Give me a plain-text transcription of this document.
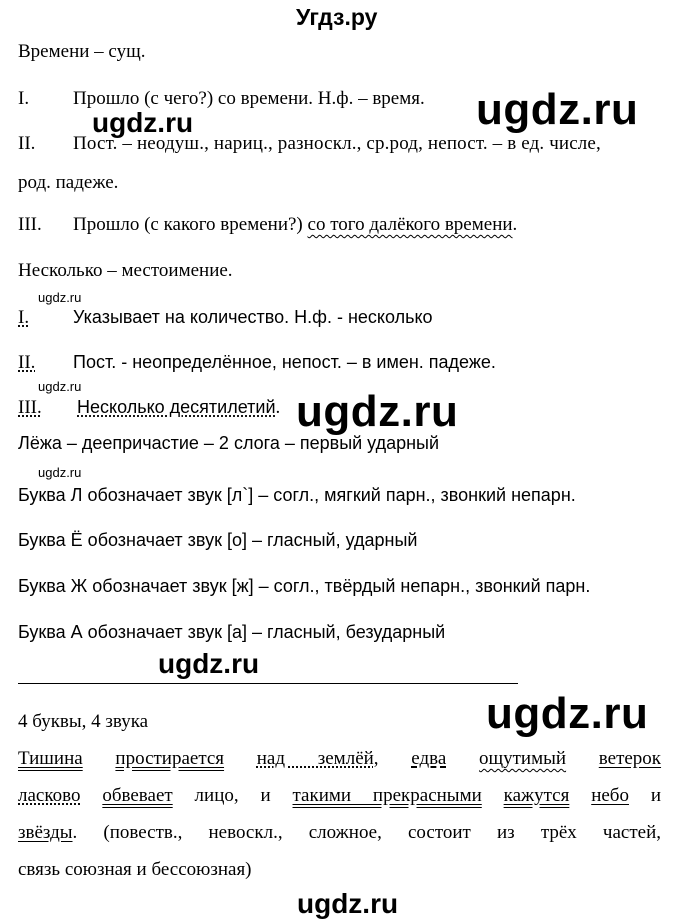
Угдз.ру
Времени – сущ.
I. Прошло (с чего?) со времени. Н.ф. – время.
II. Пост. – неодуш., нариц., разноскл., ср.род, непост. – в ед. числе,
род. падеже.
III. Прошло (с какого времени?) со того далёкого времени.
Несколько – местоимение.
I. Указывает на количество. Н.ф. - несколько
II. Пост. - неопределённое, непост. – в имен. падеже.
III. Несколько десятилетий.
Лёжа – деепричастие – 2 слога – первый ударный
Буква Л обозначает звук [л`] – согл., мягкий парн., звонкий непарн.
Буква Ё обозначает звук [о] – гласный, ударный
Буква Ж обозначает звук [ж] – согл., твёрдый непарн., звонкий парн.
Буква А обозначает звук [а] – гласный, безударный
4 буквы, 4 звука
Тишина простирается над землёй, едва ощутимый ветерок
ласково обвевает лицо, и такими прекрасными кажутся небо и
звёзды. (повеств., невоскл., сложное, состоит из трёх частей,
связь союзная и бессоюзная)
ugdz.ru
ugdz.ru
ugdz.ru
ugdz.ru
ugdz.ru
ugdz.ru
ugdz.ru
ugdz.ru
ugdz.ru
